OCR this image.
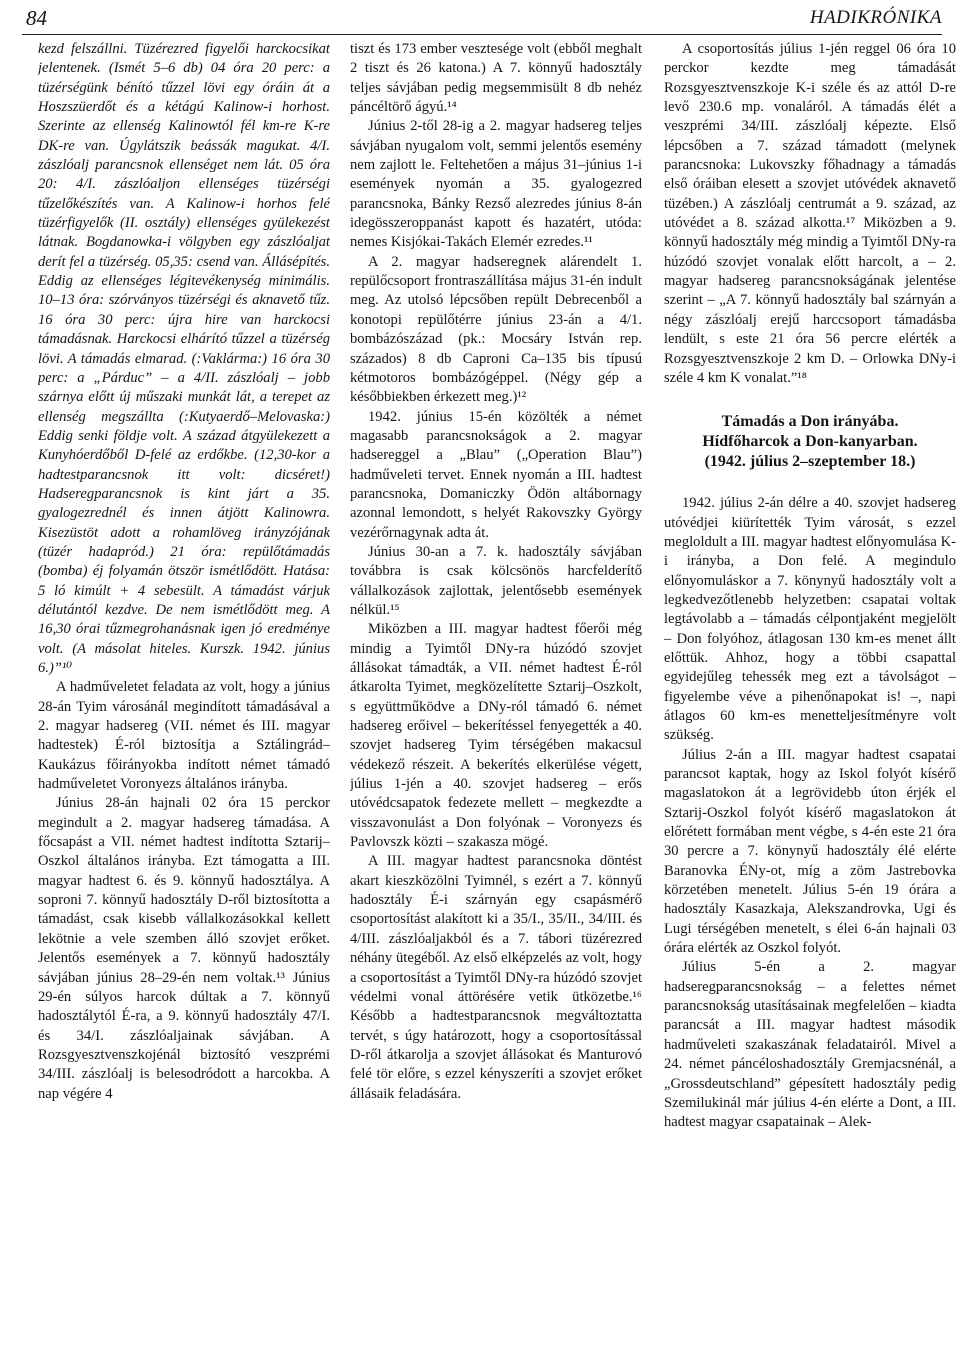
84	HADIKRÓNIKA

kezd felszállni. Tüzérezred figyelői harckocsikat jelentenek. (Ismét 5–6 db) 04 óra 20 perc: a tüzérségünk bénító tűzzel lövi egy óráin át a Hoszszüerdőt és a kétágú Kalinow-i horhost. Szerinte az ellenség Kalinowtól fél km-re K-re DK-re van. Úgylátszik beássák magukat. 4/I. zászlóalj parancsnok ellenséget nem lát. 05 óra 20: 4/I. zászlóaljon ellenséges tüzérségi tűzelőkészítés van. A Kalinow-i horhos felé tüzérfigyelők (II. osztály) ellenséges gyülekezést látnak. Bogdanowka-i völgyben egy zászlóaljat derít fel a tüzérség. 05,35: csend van. Állásépítés. Eddig az ellenséges légitevékenység minimális. 10–13 óra: szórványos tüzérségi és aknavető tűz. 16 óra 30 perc: újra hire van harckocsi támadásnak. Harckocsi elhárító tűzzel a tüzérség lövi. A támadás elmarad. (:Vaklárma:) 16 óra 30 perc: a „Párduc” – a 4/II. zászlóalj – jobb szárnya előtt új műszaki munkát lát, a terepet az ellenség megszállta (:Kutyaerdő–Melovaska:) Eddig senki földje volt. A század átgyülekezett a Kunyhóerdőből D-felé az erdőkbe. (12,30-kor a hadtestparancsnok itt volt: dicséret!) Hadseregparancsnok is kint járt a 35. gyalogezrednél és innen átjött Kalinowra. Kisezüstöt adott a rohamlöveg irányzójának (tüzér hadapród.) 21 óra: repülőtámadás (bomba) éj folyamán ötször ismétlődött. Hatása: 5 ló kimúlt + 4 sebesült. A támadást várjuk délutántól kezdve. De nem ismétlődött meg. A 16,30 órai tűzmegrohanásnak igen jó eredménye volt. (A másolat hiteles. Kurszk. 1942. június 6.)”¹⁰

A hadműveletet feladata az volt, hogy a június 28-án Tyim városánál megindított támadásával a 2. magyar hadsereg (VII. német és III. magyar hadtestek) É-ról biztosítja a Sztálingrád–Kaukázus főirányokba indított német támadó hadműveletet Voronyezs általános irányba.

Június 28-án hajnali 02 óra 15 perckor megindult a 2. magyar hadsereg támadása. A főcsapást a VII. német hadtest indította Sztarij–Oszkol általános irányba. Ezt támogatta a III. magyar hadtest 6. és 9. könnyű hadosztálya. A soproni 7. könnyű hadosztály D-ről biztosította a támadást, csak kisebb vállalkozásokkal kellett lekötnie a vele szemben álló szovjet erőket. Jelentős események a 7. könnyű hadosztály sávjában június 28–29-én nem voltak.¹³ Június 29-én súlyos harcok dúltak a 7. könnyű hadosztálytól É-ra, a 9. könnyű hadosztály 47/I. és 34/I. zászlóaljainak sávjában. A Rozsgyesztvenszkojénál biztosító veszprémi 34/III. zászlóalj is belesodródott a harcokba. A nap végére 4

tiszt és 173 ember vesztesége volt (ebből meghalt 2 tiszt és 26 katona.) A 7. könnyű hadosztály teljes sávjában pedig megsemmisült 8 db nehéz páncéltörő ágyú.¹⁴

Június 2-től 28-ig a 2. magyar hadsereg teljes sávjában nyugalom volt, semmi jelentős esemény nem zajlott le. Feltehetően a május 31–június 1-i események nyomán a 35. gyalogezred parancsnoka, Bánky Rezső alezredes június 8-án idegösszeroppanást kapott és hazatért, utóda: nemes Kisjókai-Takách Elemér ezredes.¹¹

A 2. magyar hadseregnek alárendelt 1. repülőcsoport frontraszállítása május 31-én indult meg. Az utolsó lépcsőben repült Debrecenből a konotopi repülőtérre június 23-án a 4/1. bombázószázad (pk.: Mocsáry István rep. százados) 8 db Caproni Ca–135 bis típusú kétmotoros bombázógéppel. (Négy gép a későbbiekben érkezett meg.)¹²

1942. június 15-én közölték a német magasabb parancsnokságok a 2. magyar hadsereggel a „Blau” („Operation Blau”) hadműveleti tervet. Ennek nyomán a III. hadtest parancsnoka, Domaniczky Ödön altábornagy azonnal lemondott, s helyét Rakovszky György vezérőrnagynak adta át.

Június 30-an a 7. k. hadosztály sávjában továbbra is csak kölcsönös harcfelderítő vállalkozások zajlottak, jelentősebb események nélkül.¹⁵

Miközben a III. magyar hadtest főerői még mindig a Tyimtől DNy-ra húzódó szovjet állásokat támadták, a VII. német hadtest É-ról átkarolta Tyimet, megközelítette Sztarij–Oszkolt, s együttműködve a DNy-ról támadó 6. német hadsereg erőivel – bekerítéssel fenyegették a 40. szovjet hadsereg Tyim térségében makacsul védekező részeit. A bekerítés elkerülése végett, július 1-jén a 40. szovjet hadsereg – erős utóvédcsapatok fedezete mellett – megkezdte a visszavonulást a Don folyónak – Voronyezs és Pavlovszk közti – szakasza mögé.

A III. magyar hadtest parancsnoka döntést akart kieszközölni Tyimnél, s ezért a 7. könnyű hadosztály É-i szárnyán egy csapásmérő csoportosítást alakított ki a 35/I., 35/II., 34/III. és 4/III. zászlóaljakból és a 7. tábori tüzérezred néhány ütegéből. Az első elképzelés az volt, hogy a csoportosítást a Tyimtől DNy-ra húzódó szovjet védelmi vonal áttörésére vetik ütközetbe.¹⁶ Később a hadtestparancsnok megváltoztatta tervét, s úgy határozott, hogy a csoportosítással D-ről átkarolja a szovjet állásokat és Manturovó felé tör előre, s ezzel kényszeríti a szovjet erőket állásaik feladására.

A csoportosítás július 1-jén reggel 06 óra 10 perckor kezdte meg támadását Rozsgyesztvenszkoje K-i széle és az attól D-re levő 230.6 mp. vonaláról. A támadás élét a veszprémi 34/III. zászlóalj képezte. Első lépcsőben a 7. század támadott (melynek parancsnoka: Lukovszky főhadnagy a támadás első óráiban elesett a szovjet utóvédek aknavető tüzében.) A zászlóalj centrumát a 9. század, az utóvédet a 8. század alkotta.¹⁷ Miközben a 9. könnyű hadosztály még mindig a Tyimtől DNy-ra húzódó szovjet vonalak előtt harcolt, a – 2. magyar hadsereg parancsnokságának jelentése szerint – „A 7. könnyű hadosztály bal szárnyán a négy zászlóalj erejű harccsoport támadásba lendült, s este 21 óra 56 percre elérték a Rozsgyesztvenszkoje 2 km D. – Orlowka DNy-i széle 4 km K vonalat.”¹⁸

Támadás a Don irányába.
Hídfőharcok a Don-kanyarban.
(1942. július 2–szeptember 18.)

1942. július 2-án délre a 40. szovjet hadsereg utóvédjei kiürítették Tyim városát, s ezzel megloldult a III. magyar hadtest előnyomulása K-i irányba, a Don felé. A megindulo előnyomuláskor a 7. könynyű hadosztály volt a legkedvezőtlenebb helyzetben: csapatai voltak legtávolabb a – támadás célpontjaként megjelölt – Don folyóhoz, átlagosan 130 km-es menet állt előttük. Ahhoz, hogy a többi csapattal egyidejűleg tehessék meg ezt a távolságot – figyelembe véve a pihenőnapokat is! –, napi átlagos 60 km-es menetteljesítményre volt szükség.

Július 2-án a III. magyar hadtest csapatai parancsot kaptak, hogy az Iskol folyót kísérő magaslatokon át a legrövidebb úton érjék el Sztarij-Oszkol folyót kísérő magaslatokon át előrétett formában ment végbe, s 4-én este 21 óra 30 percre a 7. könynyű hadosztály élé elérte Baranovka ÉNy-ot, míg a zöm Jastrebovka körzetében menetelt. Július 5-én 19 órára a hadosztály Kasazkaja, Alekszandrovka, Ugi és Lugi térségében menetelt, s élei 6-án hajnali 03 órára elérték az Oszkol folyót.

Július 5-én a 2. magyar hadseregparancsnokság – a felettes német parancsnokság utasításainak megfelelően – kiadta parancsát a III. magyar hadtest második hadműveleti szakaszának feladatairól. Mivel a 24. német páncéloshadosztály Gremjacsnénál, a „Grossdeutschland” gépesített hadosztály pedig Szemilukinál már július 4-én elérte a Dont, a III. hadtest magyar csapatainak – Alek-
